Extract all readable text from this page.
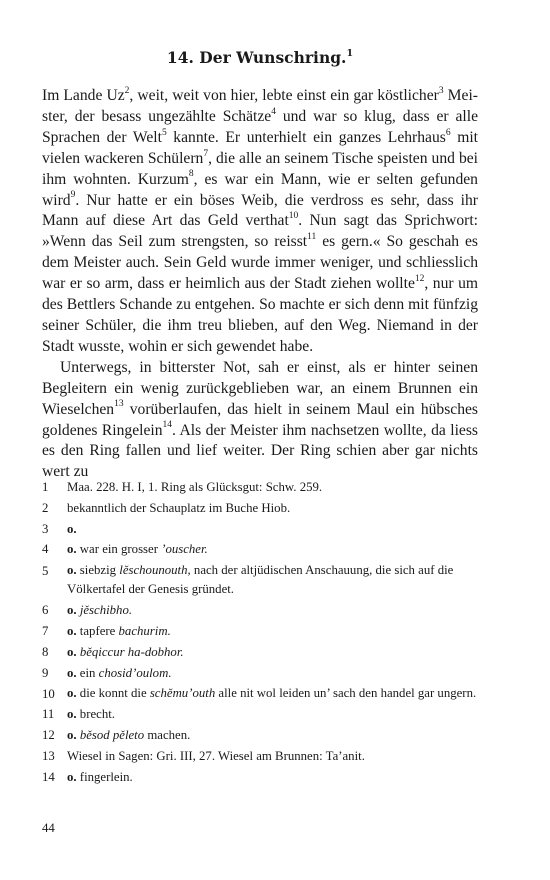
14. Der Wunschring.$^1$

Im Lande Uz$^2$, weit, weit von hier, lebte einst ein gar köstlicher$^3$ Meister, der besass ungezählte Schätze$^4$ und war so klug, dass er alle Sprachen der Welt$^5$ kannte. Er unterhielt ein ganzes Lehrhaus$^6$ mit vielen wackeren Schülern$^7$, die alle an seinem Tische speisten und bei ihm wohnten. Kurzum$^8$, es war ein Mann, wie er selten gefunden wird$^9$. Nur hatte er ein böses Weib, die verdross es sehr, dass ihr Mann auf diese Art das Geld verthat$^{10}$. Nun sagt das Sprichwort: »Wenn das Seil zum strengsten, so reisst$^{11}$ es gern.« So geschah es dem Meister auch. Sein Geld wurde immer weniger, und schliesslich war er so arm, dass er heimlich aus der Stadt ziehen wollte$^{12}$, nur um des Bettlers Schande zu entgehen. So machte er sich denn mit fünfzig seiner Schüler, die ihm treu blieben, auf den Weg. Niemand in der Stadt wusste, wohin er sich gewendet habe.

Unterwegs, in bitterster Not, sah er einst, als er hinter seinen Begleitern ein wenig zurückgeblieben war, an einem Brunnen ein Wieselchen$^{13}$ vorüberlaufen, das hielt in seinem Maul ein hübsches goldenes Ringelein$^{14}$. Als der Meister ihm nachsetzen wollte, da liess es den Ring fallen und lief weiter. Der Ring schien aber gar nichts wert zu

1 Maa. 228. H. I, 1. Ring als Glücksgut: Schw. 259.
2 bekanntlich der Schauplatz im Buche Hiob.
3 o.
4 o. war ein grosser ’ouscher.
5 o. siebzig lěschounouth, nach der altjüdischen Anschauung, die sich auf die Völkertafel der Genesis gründet.
6 o. jěschibho.
7 o. tapfere bachurim.
8 o. běqiccur ha-dobhor.
9 o. ein chosid’oulom.
10 o. die konnt die schěmu’outh alle nit wol leiden un’ sach den handel gar ungern.
11 o. brecht.
12 o. běsod pěleto machen.
13 Wiesel in Sagen: Gri. III, 27. Wiesel am Brunnen: Ta’anit.
14 o. fingerlein.
44
